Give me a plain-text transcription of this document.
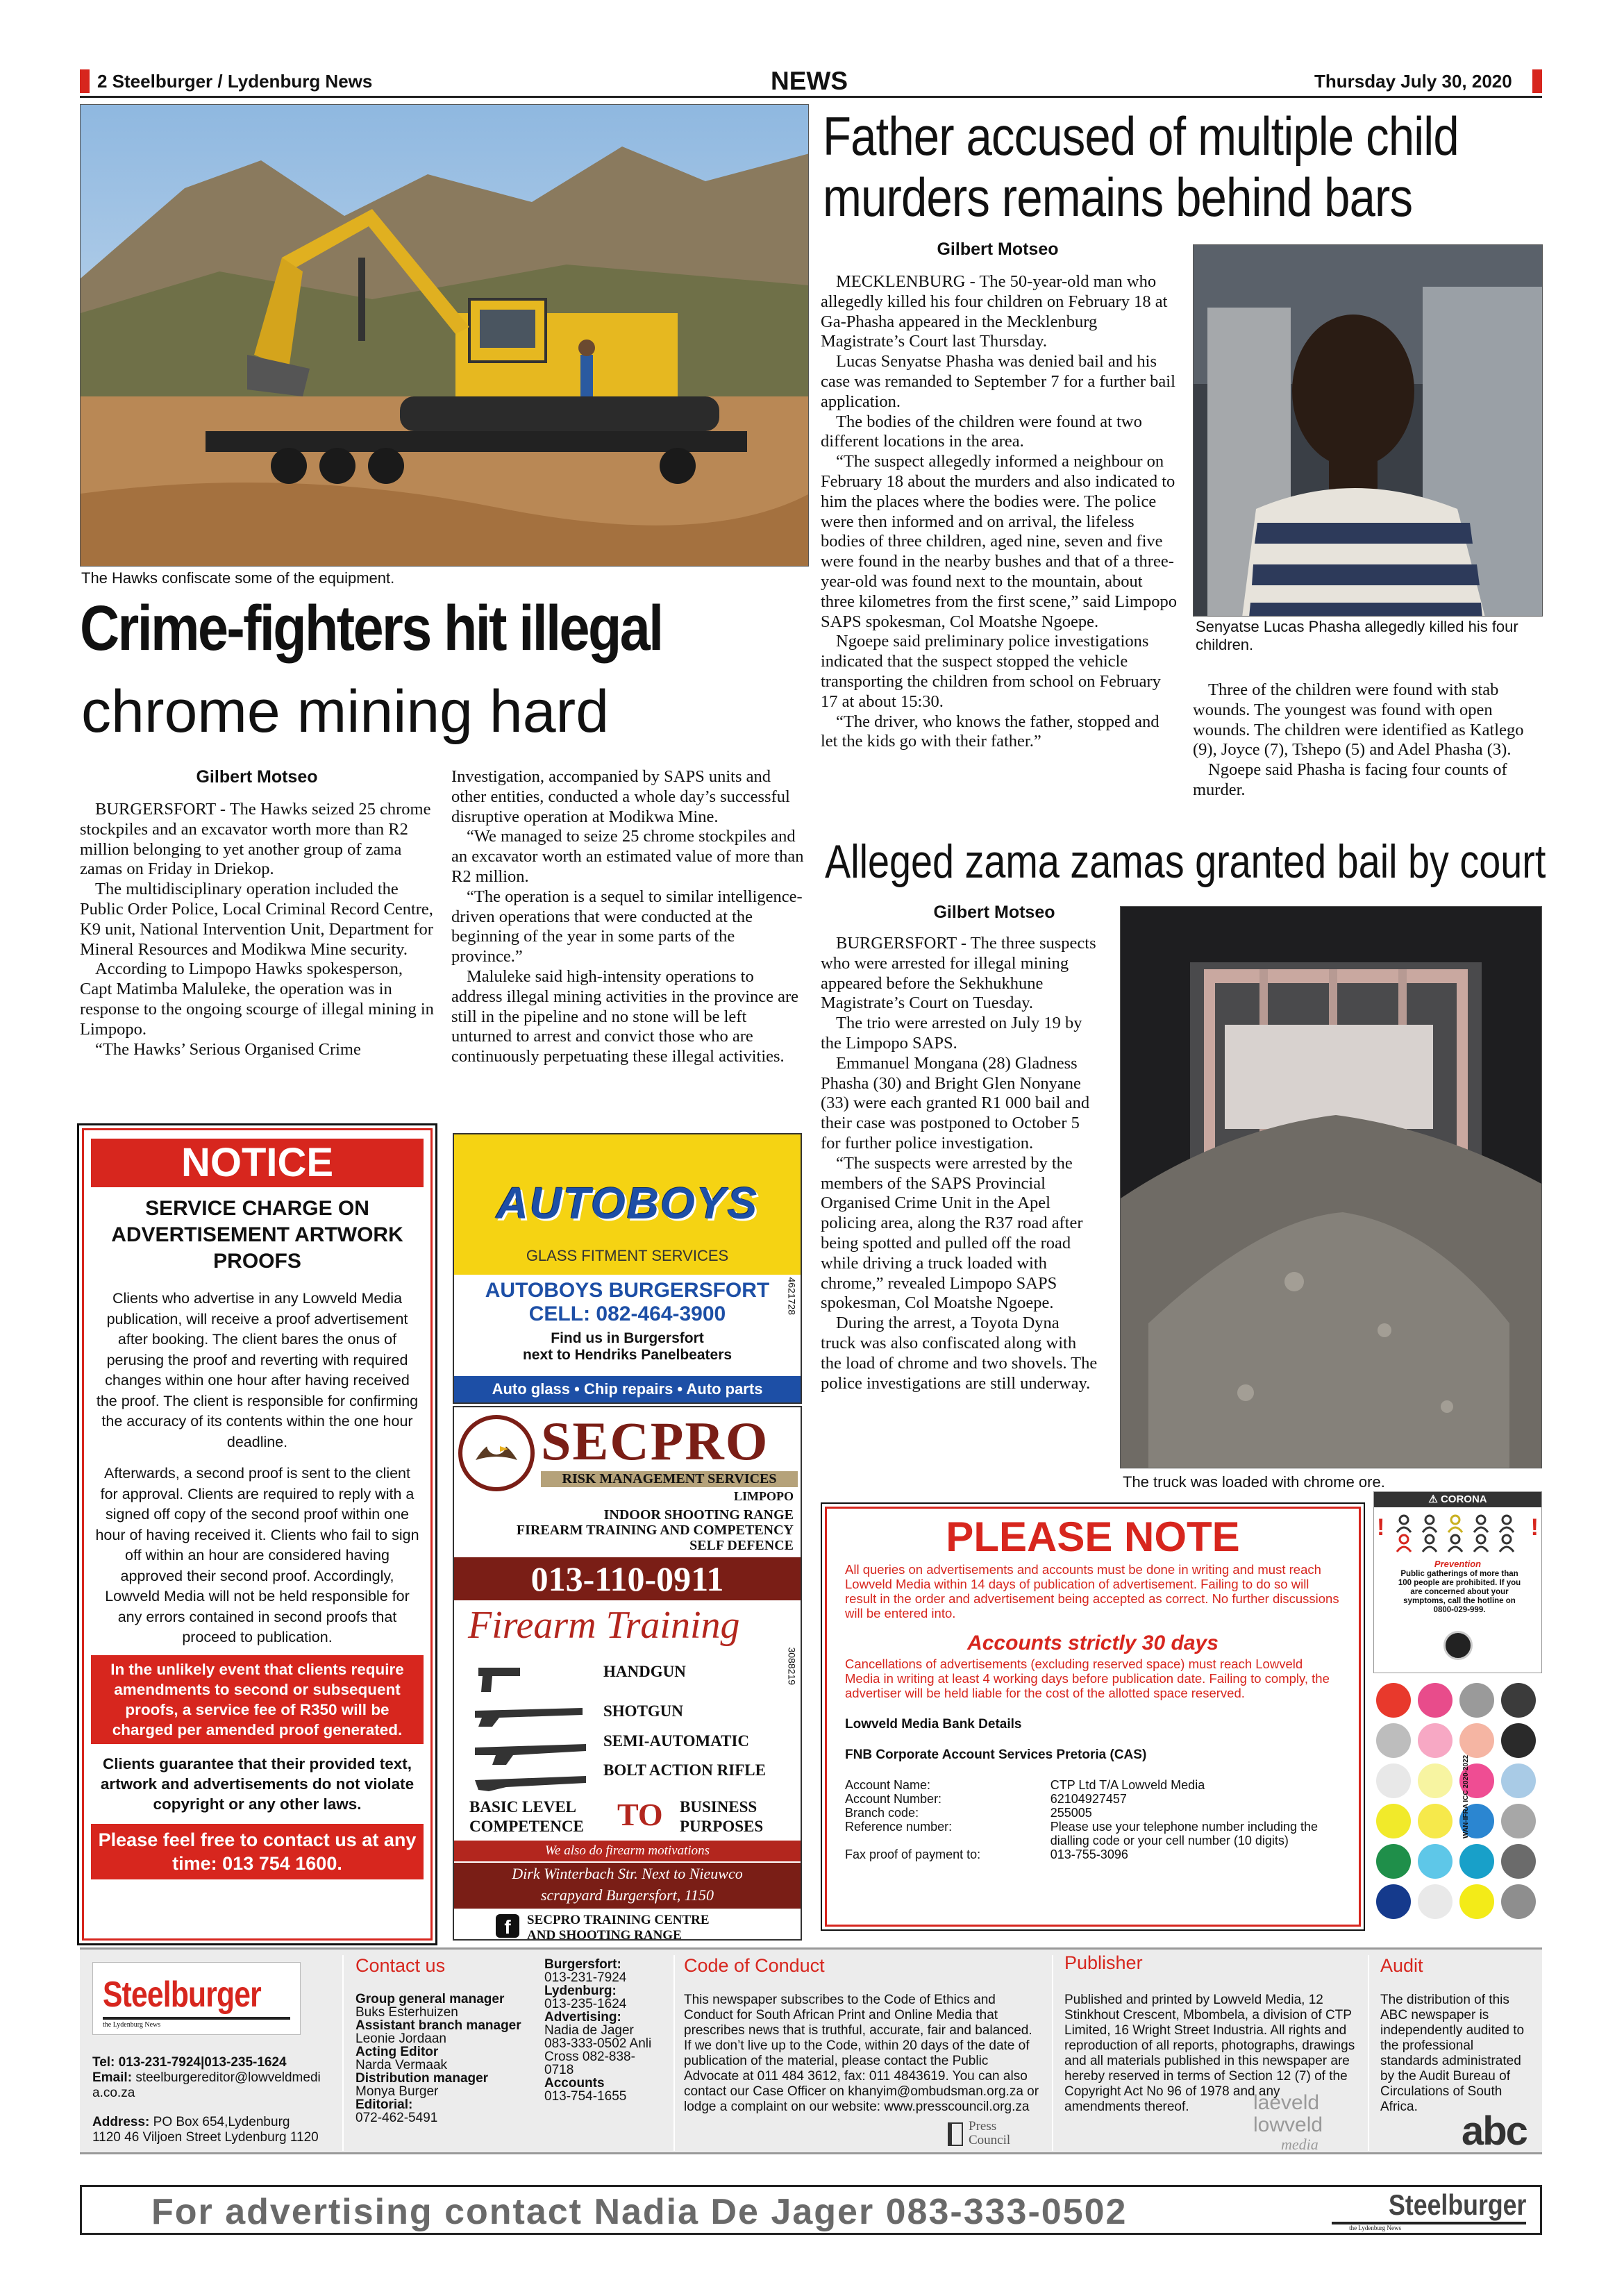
2 Steelburger / Lydenburg News	NEWS	Thursday July 30, 2020
The Hawks confiscate some of the equipment.
Crime-fighters hit illegal
chrome mining hard
Gilbert Motseo

BURGERSFORT - The Hawks seized 25 chrome stockpiles and an excavator worth more than R2 million belonging to yet another group of zama zamas on Friday in Driekop.

The multidisciplinary operation included the Public Order Police, Local Criminal Record Centre, K9 unit, National Intervention Unit, Department for Mineral Resources and Modikwa Mine security.

According to Limpopo Hawks spokesperson, Capt Matimba Maluleke, the operation was in response to the ongoing scourge of illegal mining in Limpopo.

“The Hawks’ Serious Organised Crime

Investigation, accompanied by SAPS units and other entities, conducted a whole day’s successful disruptive operation at Modikwa Mine.

“We managed to seize 25 chrome stockpiles and an excavator worth an estimated value of more than R2 million.

“The operation is a sequel to similar intelligence-driven operations that were conducted at the beginning of the year in some parts of the province.”

Maluleke said high-intensity operations to address illegal mining activities in the province are still in the pipeline and no stone will be left unturned to arrest and convict those who are continuously perpetuating these illegal activities.

Father accused of multiple child murders remains behind bars
Gilbert Motseo

MECKLENBURG - The 50-year-old man who allegedly killed his four children on February 18 at Ga-Phasha appeared in the Mecklenburg Magistrate’s Court last Thursday.

Lucas Senyatse Phasha was denied bail and his case was remanded to September 7 for a further bail application.

The bodies of the children were found at two different locations in the area.

“The suspect allegedly informed a neighbour on February 18 about the murders and also indicated to him the places where the bodies were. The police were then informed and on arrival, the lifeless bodies of three children, aged nine, seven and five were found in the nearby bushes and that of a three-year-old was found next to the mountain, about three kilometres from the first scene,” said Limpopo SAPS spokesman, Col Moatshe Ngoepe.

Ngoepe said preliminary police investigations indicated that the suspect stopped the vehicle transporting the children from school on February 17 at about 15:30.

“The driver, who knows the father, stopped and let the kids go with their father.”

Senyatse Lucas Phasha allegedly killed his four children.

Three of the children were found with stab wounds. The youngest was found with open wounds. The children were identified as Katlego (9), Joyce (7), Tshepo (5) and Adel Phasha (3).

Ngoepe said Phasha is facing four counts of murder.

Alleged zama zamas granted bail by court
Gilbert Motseo

BURGERSFORT - The three suspects who were arrested for illegal mining appeared before the Sekhukhune Magistrate’s Court on Tuesday.

The trio were arrested on July 19 by the Limpopo SAPS.

Emmanuel Mongana (28) Gladness Phasha (30) and Bright Glen Nonyane (33) were each granted R1 000 bail and their case was postponed to October 5 for further police investigation.

“The suspects were arrested by the members of the SAPS Provincial Organised Crime Unit in the Apel policing area, along the R37 road after being spotted and pulled off the road while driving a truck loaded with chrome,” revealed Limpopo SAPS spokesman, Col Moatshe Ngoepe.

During the arrest, a Toyota Dyna truck was also confiscated along with the load of chrome and two shovels. The police investigations are still underway.

The truck was loaded with chrome ore.
NOTICE
SERVICE CHARGE ON ADVERTISEMENT ARTWORK PROOFS
Clients who advertise in any Lowveld Media publication, will receive a proof advertisement after booking. The client bares the onus of perusing the proof and reverting with required changes within one hour after having received the proof. The client is responsible for confirming the accuracy of its contents within the one hour deadline.
Afterwards, a second proof is sent to the client for approval. Clients are required to reply with a signed off copy of the second proof within one hour of having received it. Clients who fail to sign off within an hour are considered having approved their second proof. Accordingly, Lowveld Media will not be held responsible for any errors contained in second proofs that proceed to publication.
In the unlikely event that clients require amendments to second or subsequent proofs, a service fee of R350 will be charged per amended proof generated.
Clients guarantee that their provided text, artwork and advertisements do not violate copyright or any other laws.
Please feel free to contact us at any time: 013 754 1600.
AUTOBOYS
GLASS FITMENT SERVICES
AUTOBOYS BURGERSFORT
CELL: 082-464-3900
Find us in Burgersfort
next to Hendriks Panelbeaters
4621728
Auto glass • Chip repairs • Auto parts
SECPRO
RISK MANAGEMENT SERVICES
LIMPOPO
INDOOR SHOOTING RANGE
FIREARM TRAINING AND COMPETENCY
SELF DEFENCE
013-110-0911
Firearm Training
HANDGUN
SHOTGUN
SEMI-AUTOMATIC
BOLT ACTION RIFLE
BASIC LEVEL COMPETENCE	TO BUSINESS PURPOSES
We also do firearm motivations
Dirk Winterbach Str. Next to Nieuwco
scrapyard Burgersfort, 1150
f	SECPRO TRAINING CENTRE
AND SHOOTING RANGE
3088219
PLEASE NOTE
All queries on advertisements and accounts must be done in writing and must reach Lowveld Media within 14 days of publication of advertisement. Failing to do so will result in the order and advertisement being accepted as correct. No further discussions will be entered into.
Accounts strictly 30 days
Cancellations of advertisements (excluding reserved space) must reach Lowveld Media in writing at least 4 working days before publication date. Failing to comply, the advertiser will be held liable for the cost of the allotted space reserved.
Lowveld Media Bank Details
FNB Corporate Account Services Pretoria (CAS)
Account Name:	CTP Ltd T/A Lowveld Media
Account Number:	62104927457
Branch code:	255005
Reference number:	Please use your telephone number including the dialling code or your cell number (10 digits)
Fax proof of payment to:	013-755-3096
⚠ CORONA
!	!
Prevention
Public gatherings of more than 100 people are prohibited. If you are concerned about your symptoms, call the hotline on 0800-029-999.
WAN-IFRA ICC 2020-2022
Steelburger
the Lydenburg News
Tel: 013-231-7924|013-235-1624
Email: steelburgereditor@lowveldmedia.co.za
Address: PO Box 654,Lydenburg 1120 46 Viljoen Street Lydenburg 1120
Contact us
Group general manager
Buks Esterhuizen
Assistant branch manager
Leonie Jordaan
Acting Editor
Narda Vermaak
Distribution manager
Monya Burger
Editorial:
072-462-5491
Burgersfort:
013-231-7924
Lydenburg:
013-235-1624
Advertising:
Nadia de Jager 083-333-0502 Anli Cross 082-838-0718
Accounts
013-754-1655
Code of Conduct
This newspaper subscribes to the Code of Ethics and Conduct for South African Print and Online Media that prescribes news that is truthful, accurate, fair and balanced. If we don’t live up to the Code, within 20 days of the date of publication of the material, please contact the Public Advocate at 011 484 3612, fax: 011 4843619. You can also contact our Case Officer on khanyim@ombudsman.org.za or lodge a complaint on our website: www.presscouncil.org.za
Press Council
Publisher
Published and printed by Lowveld Media, 12 Stinkhout Crescent, Mbombela, a division of CTP Limited, 16 Wright Street Industria. All rights and reproduction of all reports, photographs, drawings and all materials published in this newspaper are hereby reserved in terms of Section 12 (7) of the Copyright Act No 96 of 1978 and any amendments thereof.	laeveld
lowveld
media
Audit
The distribution of this ABC newspaper is independently audited to the professional standards administrated by the Audit Bureau of Circulations of South Africa.
abc
For advertising contact Nadia De Jager 083-333-0502	Steelburger
the Lydenburg News
